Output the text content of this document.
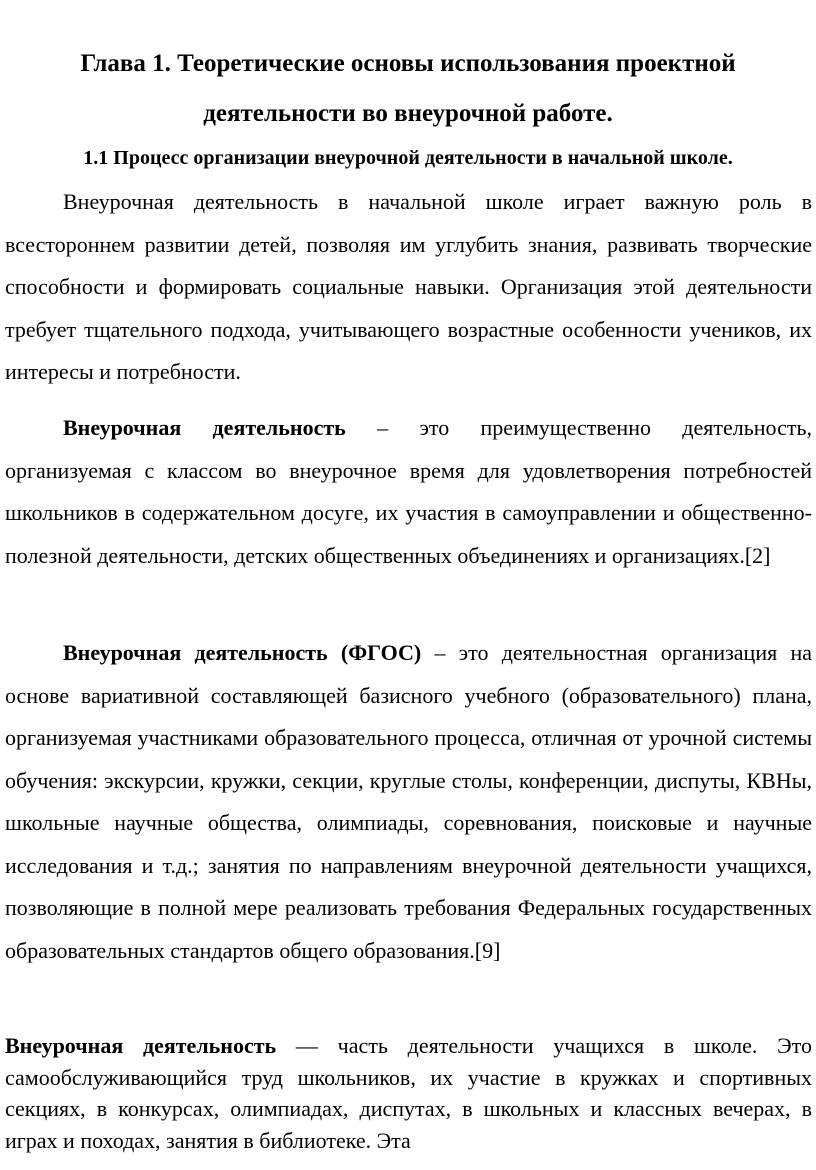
Глава 1. Теоретические основы использования проектной
деятельности во внеурочной работе.
1.1 Процесс организации внеурочной деятельности в начальной школе.

Внеурочная деятельность в начальной школе играет важную роль в всестороннем развитии детей, позволяя им углубить знания, развивать творческие способности и формировать социальные навыки. Организация этой деятельности требует тщательного подхода, учитывающего возрастные особенности учеников, их интересы и потребности.

Внеурочная деятельность – это преимущественно деятельность, организуемая с классом во внеурочное время для удовлетворения потребностей школьников в содержательном досуге, их участия в самоуправлении и общественно-полезной деятельности, детских общественных объединениях и организациях.[2]

Внеурочная деятельность (ФГОС) – это деятельностная организация на основе вариативной составляющей базисного учебного (образовательного) плана, организуемая участниками образовательного процесса, отличная от урочной системы обучения: экскурсии, кружки, секции, круглые столы, конференции, диспуты, КВНы, школьные научные общества, олимпиады, соревнования, поисковые и научные исследования и т.д.; занятия по направлениям внеурочной деятельности учащихся, позволяющие в полной мере реализовать требования Федеральных государственных образовательных стандартов общего образования.[9]

Внеурочная деятельность — часть деятельности учащихся в школе. Это самообслуживающийся труд школьников, их участие в кружках и спортивных секциях, в конкурсах, олимпиадах, диспутах, в школьных и классных вечерах, в играх и походах, занятия в библиотеке. Эта
